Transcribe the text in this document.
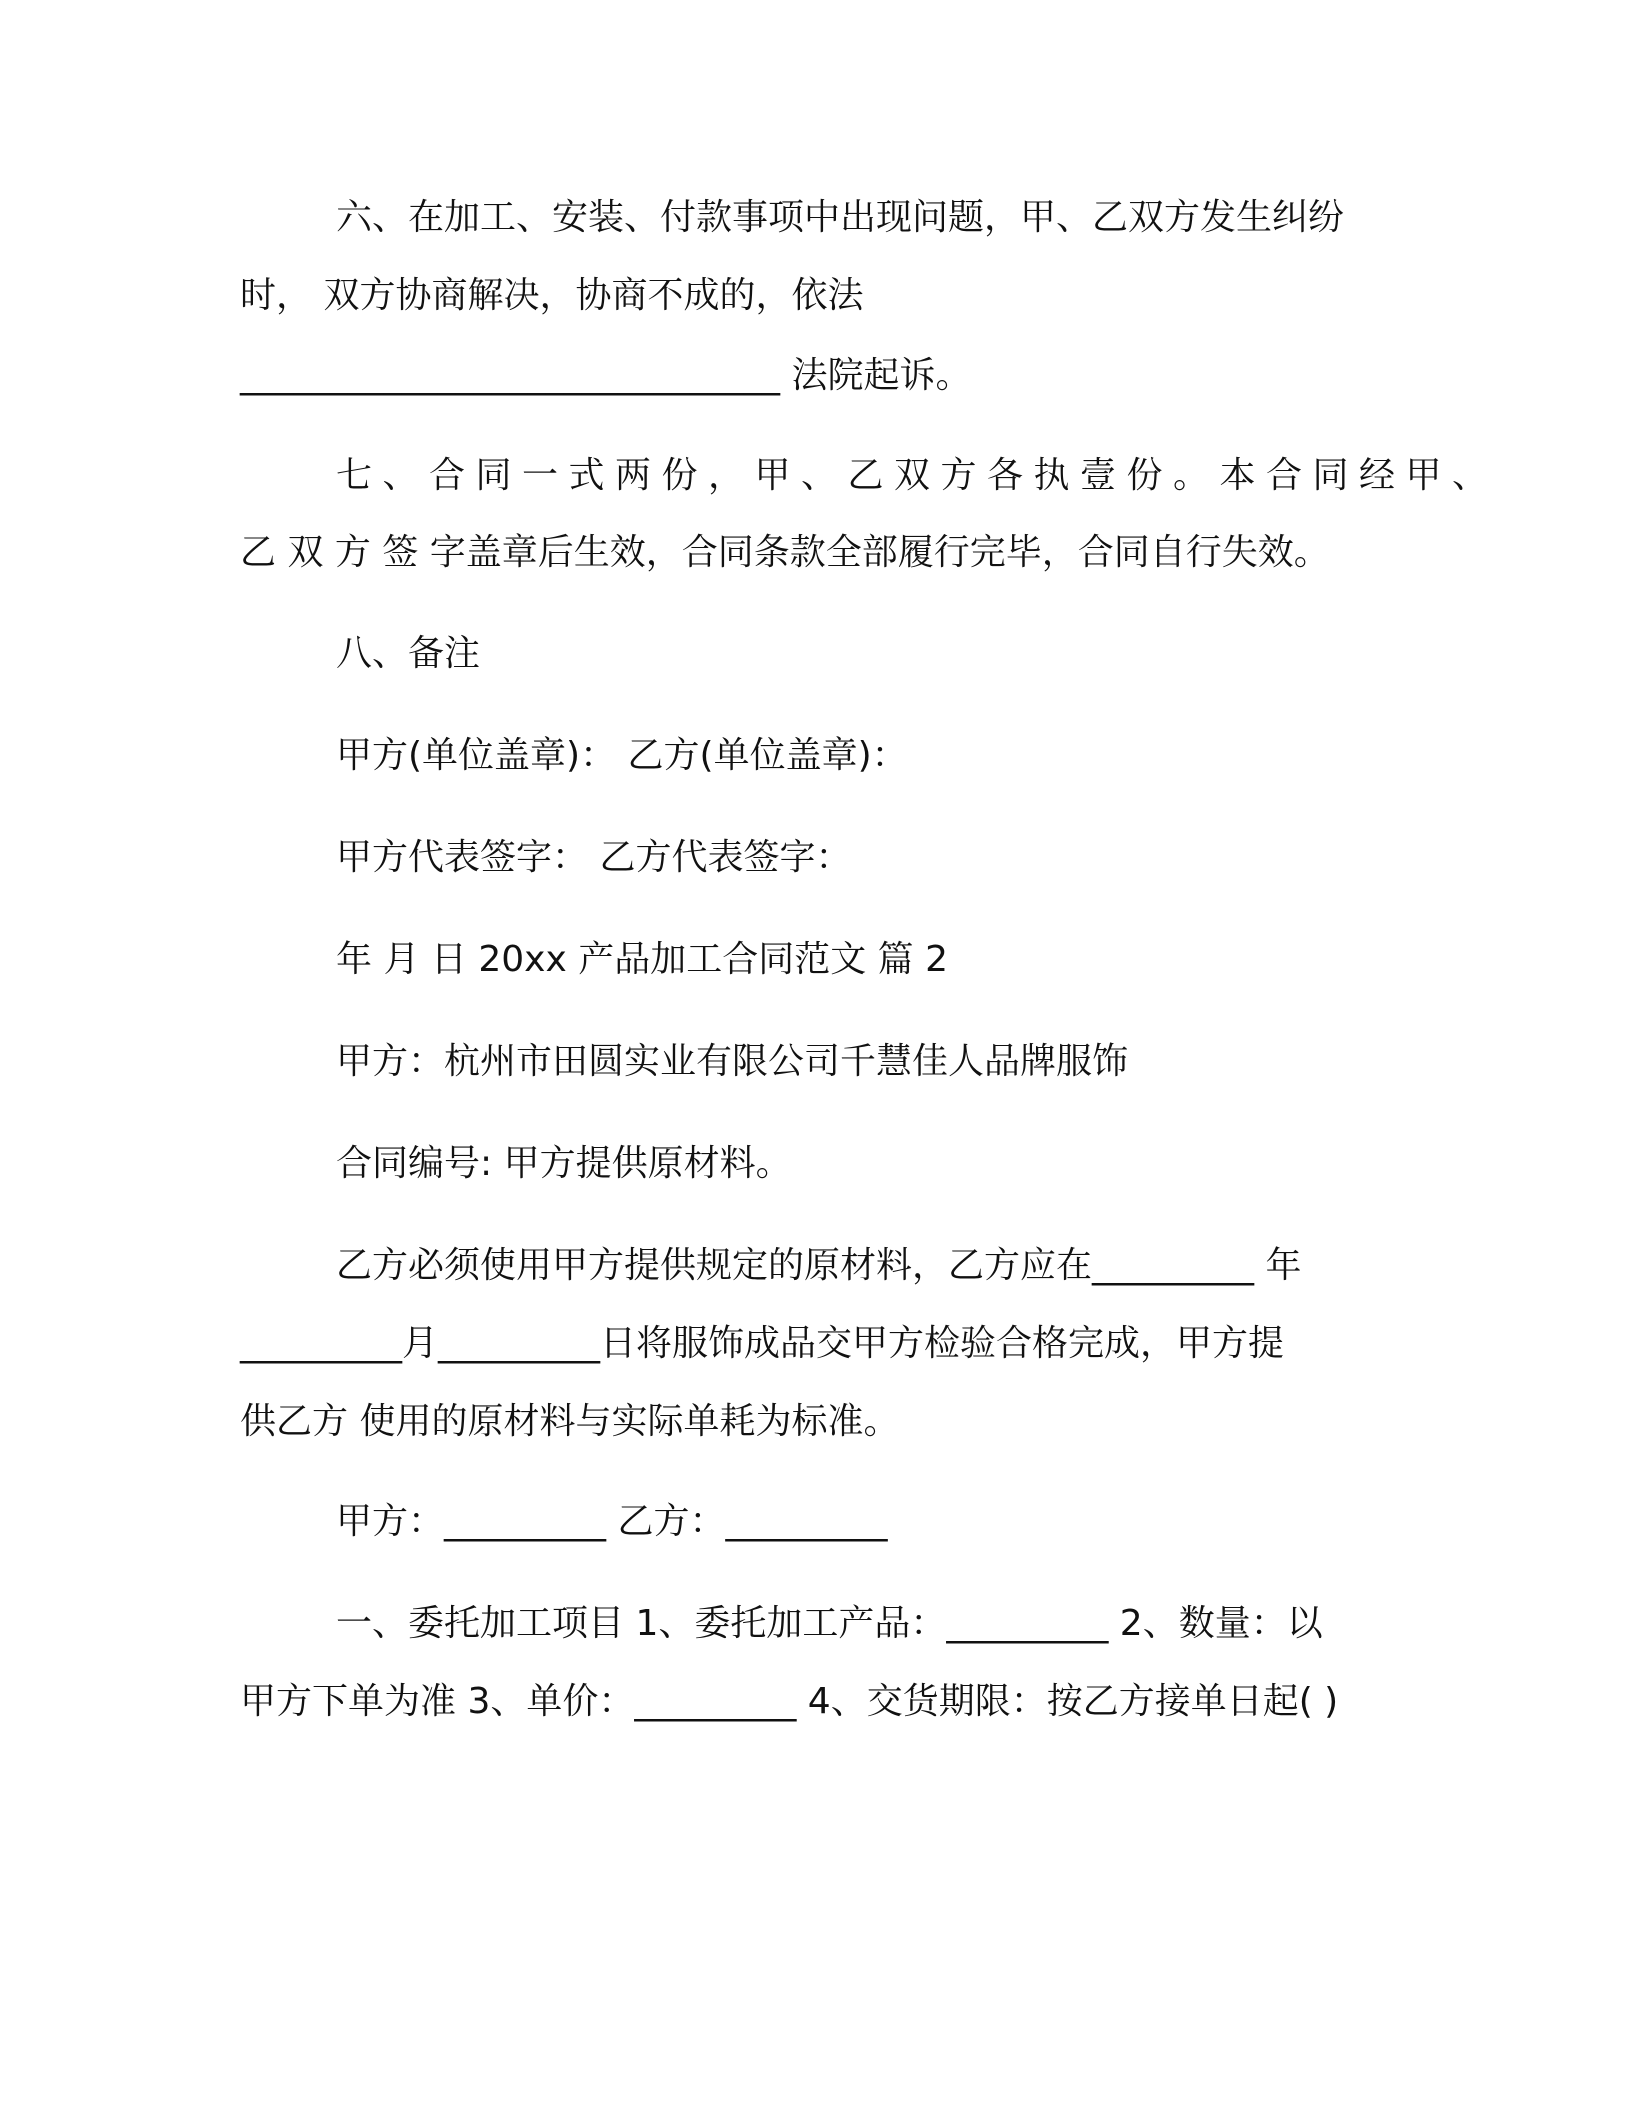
六、在加工、安装、付款事项中出现问题，甲、乙双方发生纠纷
时， 双方协商解决，协商不成的，依法
______________________________ 法院起诉。
七、合同一式两份，甲、乙双方各执壹份。本合同经甲、
乙 双 方 签 字盖章后生效，合同条款全部履行完毕，合同自行失效。
八、备注
甲方(单位盖章)： 乙方(单位盖章)：
甲方代表签字： 乙方代表签字：
年 月 日 20xx 产品加工合同范文 篇 2
甲方：杭州市田圆实业有限公司千慧佳人品牌服饰
合同编号: 甲方提供原材料。
乙方必须使用甲方提供规定的原材料，乙方应在_________ 年
_________月_________日将服饰成品交甲方检验合格完成，甲方提
供乙方 使用的原材料与实际单耗为标准。
甲方：_________ 乙方：_________
一、委托加工项目 1、委托加工产品：_________ 2、数量：以
甲方下单为准 3、单价：_________ 4、交货期限：按乙方接单日起( )
